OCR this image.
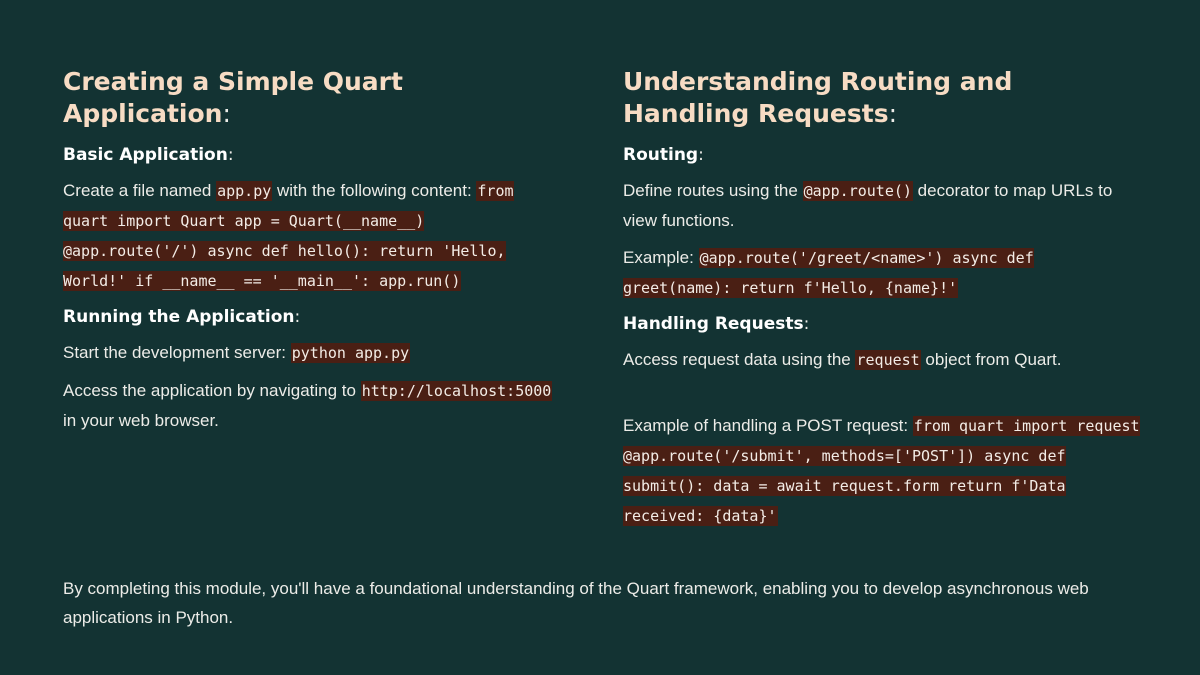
Creating a Simple Quart Application:
Basic Application:

Create a file named app.py with the following content: from quart import Quart app = Quart(__name__) @app.route('/') async def hello(): return 'Hello, World!' if __name__ == '__main__': app.run()

Running the Application:

Start the development server: python app.py

Access the application by navigating to http://localhost:5000 in your web browser.

Understanding Routing and Handling Requests:
Routing:

Define routes using the @app.route() decorator to map URLs to view functions.

Example: @app.route('/greet/<name>') async def greet(name): return f'Hello, {name}!'

Handling Requests:

Access request data using the request object from Quart.

Example of handling a POST request: from quart import request @app.route('/submit', methods=['POST']) async def submit(): data = await request.form return f'Data received: {data}'

By completing this module, you'll have a foundational understanding of the Quart framework, enabling you to develop asynchronous web applications in Python.
